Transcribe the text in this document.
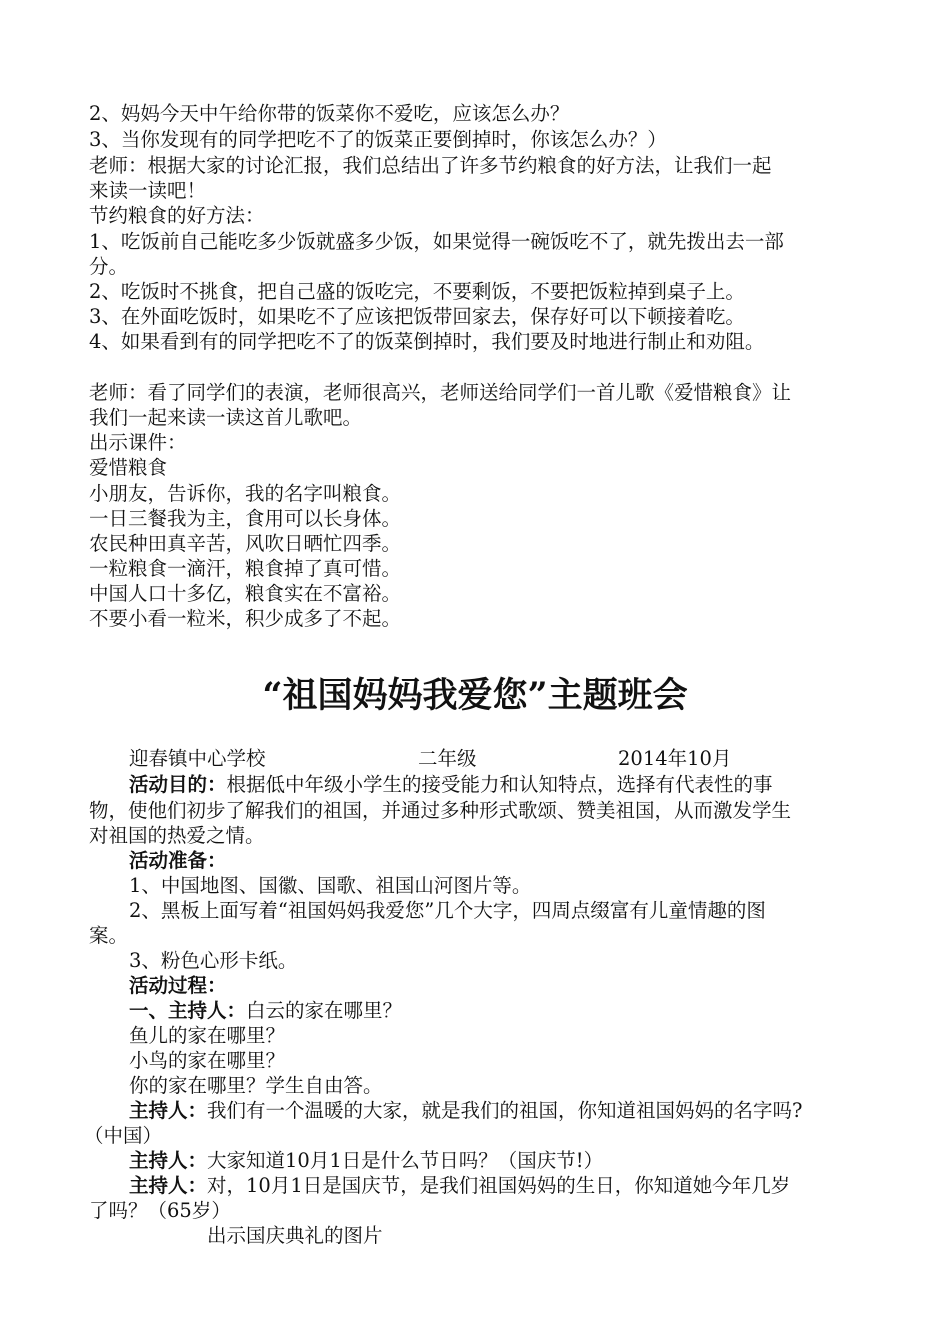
2、妈妈今天中午给你带的饭菜你不爱吃，应该怎么办？
3、当你发现有的同学把吃不了的饭菜正要倒掉时，你该怎么办？）
老师：根据大家的讨论汇报，我们总结出了许多节约粮食的好方法，让我们一起
来读一读吧！
节约粮食的好方法：
1、吃饭前自己能吃多少饭就盛多少饭，如果觉得一碗饭吃不了，就先拨出去一部
分。
2、吃饭时不挑食，把自己盛的饭吃完，不要剩饭，不要把饭粒掉到桌子上。
3、在外面吃饭时，如果吃不了应该把饭带回家去，保存好可以下顿接着吃。
4、如果看到有的同学把吃不了的饭菜倒掉时，我们要及时地进行制止和劝阻。
老师：看了同学们的表演，老师很高兴，老师送给同学们一首儿歌《爱惜粮食》让
我们一起来读一读这首儿歌吧。
出示课件：
爱惜粮食
小朋友，告诉你，我的名字叫粮食。
一日三餐我为主，食用可以长身体。
农民种田真辛苦，风吹日晒忙四季。
一粒粮食一滴汗，粮食掉了真可惜。
中国人口十多亿，粮食实在不富裕。
不要小看一粒米，积少成多了不起。
“祖国妈妈我爱您”主题班会
迎春镇中心学校	二年级	2014年10月
活动目的：根据低中年级小学生的接受能力和认知特点，选择有代表性的事
物，使他们初步了解我们的祖国，并通过多种形式歌颂、赞美祖国，从而激发学生
对祖国的热爱之情。
活动准备：
1、中国地图、国徽、国歌、祖国山河图片等。
2、黑板上面写着“祖国妈妈我爱您”几个大字，四周点缀富有儿童情趣的图
案。
3、粉色心形卡纸。
活动过程：
一、主持人：白云的家在哪里？
鱼儿的家在哪里？
小鸟的家在哪里？
你的家在哪里？学生自由答。
主持人：我们有一个温暖的大家，就是我们的祖国，你知道祖国妈妈的名字吗?
（中国）
主持人：大家知道10月1日是什么节日吗？（国庆节!）
主持人：对，10月1日是国庆节，是我们祖国妈妈的生日，你知道她今年几岁
了吗？（65岁）
出示国庆典礼的图片
